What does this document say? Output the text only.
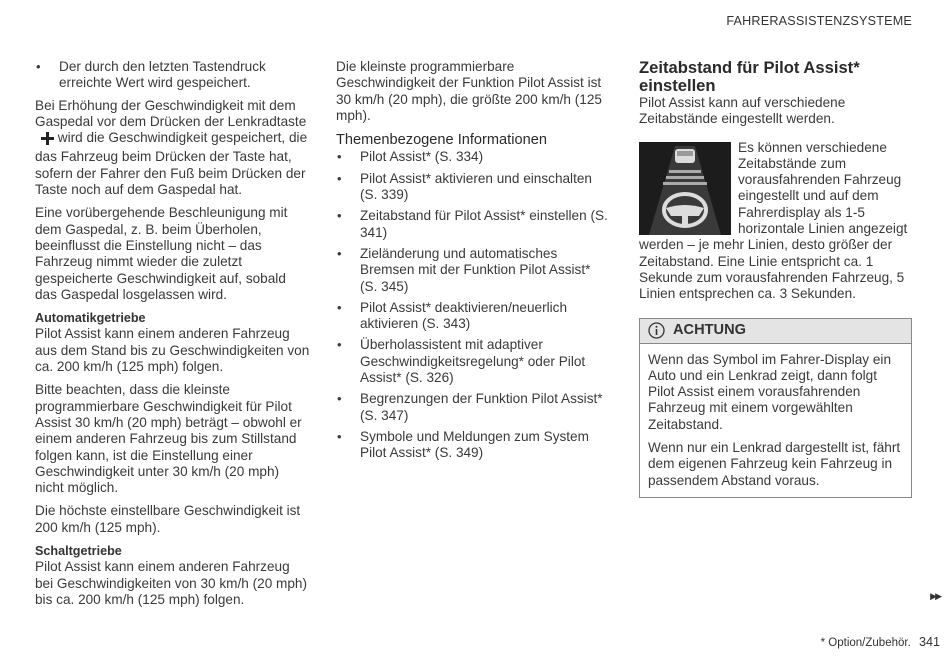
FAHRERASSISTENZSYSTEME

• Der durch den letzten Tastendruck erreichte Wert wird gespeichert.

Bei Erhöhung der Geschwindigkeit mit dem Gaspedal vor dem Drücken der Lenkradtaste  wird die Geschwindigkeit gespeichert, die das Fahrzeug beim Drücken der Taste hat, sofern der Fahrer den Fuß beim Drücken der Taste noch auf dem Gaspedal hat.

Eine vorübergehende Beschleunigung mit dem Gaspedal, z. B. beim Überholen, beeinflusst die Einstellung nicht – das Fahrzeug nimmt wieder die zuletzt gespeicherte Geschwindigkeit auf, sobald das Gaspedal losgelassen wird.

Automatikgetriebe

Pilot Assist kann einem anderen Fahrzeug aus dem Stand bis zu Geschwindigkeiten von ca. 200 km/h (125 mph) folgen.

Bitte beachten, dass die kleinste programmierbare Geschwindigkeit für Pilot Assist 30 km/h (20 mph) beträgt – obwohl er einem anderen Fahrzeug bis zum Stillstand folgen kann, ist die Einstellung einer Geschwindigkeit unter 30 km/h (20 mph) nicht möglich.

Die höchste einstellbare Geschwindigkeit ist 200 km/h (125 mph).

Schaltgetriebe

Pilot Assist kann einem anderen Fahrzeug bei Geschwindigkeiten von 30 km/h (20 mph) bis ca. 200 km/h (125 mph) folgen.

Die kleinste programmierbare Geschwindigkeit der Funktion Pilot Assist ist 30 km/h (20 mph), die größte 200 km/h (125 mph).

Themenbezogene Informationen

• Pilot Assist* (S. 334)

• Pilot Assist* aktivieren und einschalten (S. 339)

• Zeitabstand für Pilot Assist* einstellen (S. 341)

• Zieländerung und automatisches Bremsen mit der Funktion Pilot Assist* (S. 345)

• Pilot Assist* deaktivieren/neuerlich aktivieren (S. 343)

• Überholassistent mit adaptiver Geschwindigkeitsregelung* oder Pilot Assist* (S. 326)

• Begrenzungen der Funktion Pilot Assist* (S. 347)

• Symbole und Meldungen zum System Pilot Assist* (S. 349)

Zeitabstand für Pilot Assist* einstellen

Pilot Assist kann auf verschiedene Zeitabstände eingestellt werden.

Es können verschiedene Zeitabstände zum vorausfahrenden Fahrzeug eingestellt und auf dem Fahrerdisplay als 1-5 horizontale Linien angezeigt werden – je mehr Linien, desto größer der Zeitabstand. Eine Linie entspricht ca. 1 Sekunde zum vorausfahrenden Fahrzeug, 5 Linien entsprechen ca. 3 Sekunden.

ACHTUNG

Wenn das Symbol im Fahrer-Display ein Auto und ein Lenkrad zeigt, dann folgt Pilot Assist einem vorausfahrenden Fahrzeug mit einem vorgewählten Zeitabstand.

Wenn nur ein Lenkrad dargestellt ist, fährt dem eigenen Fahrzeug kein Fahrzeug in passendem Abstand voraus.

▶▶
* Option/Zubehör. 341
